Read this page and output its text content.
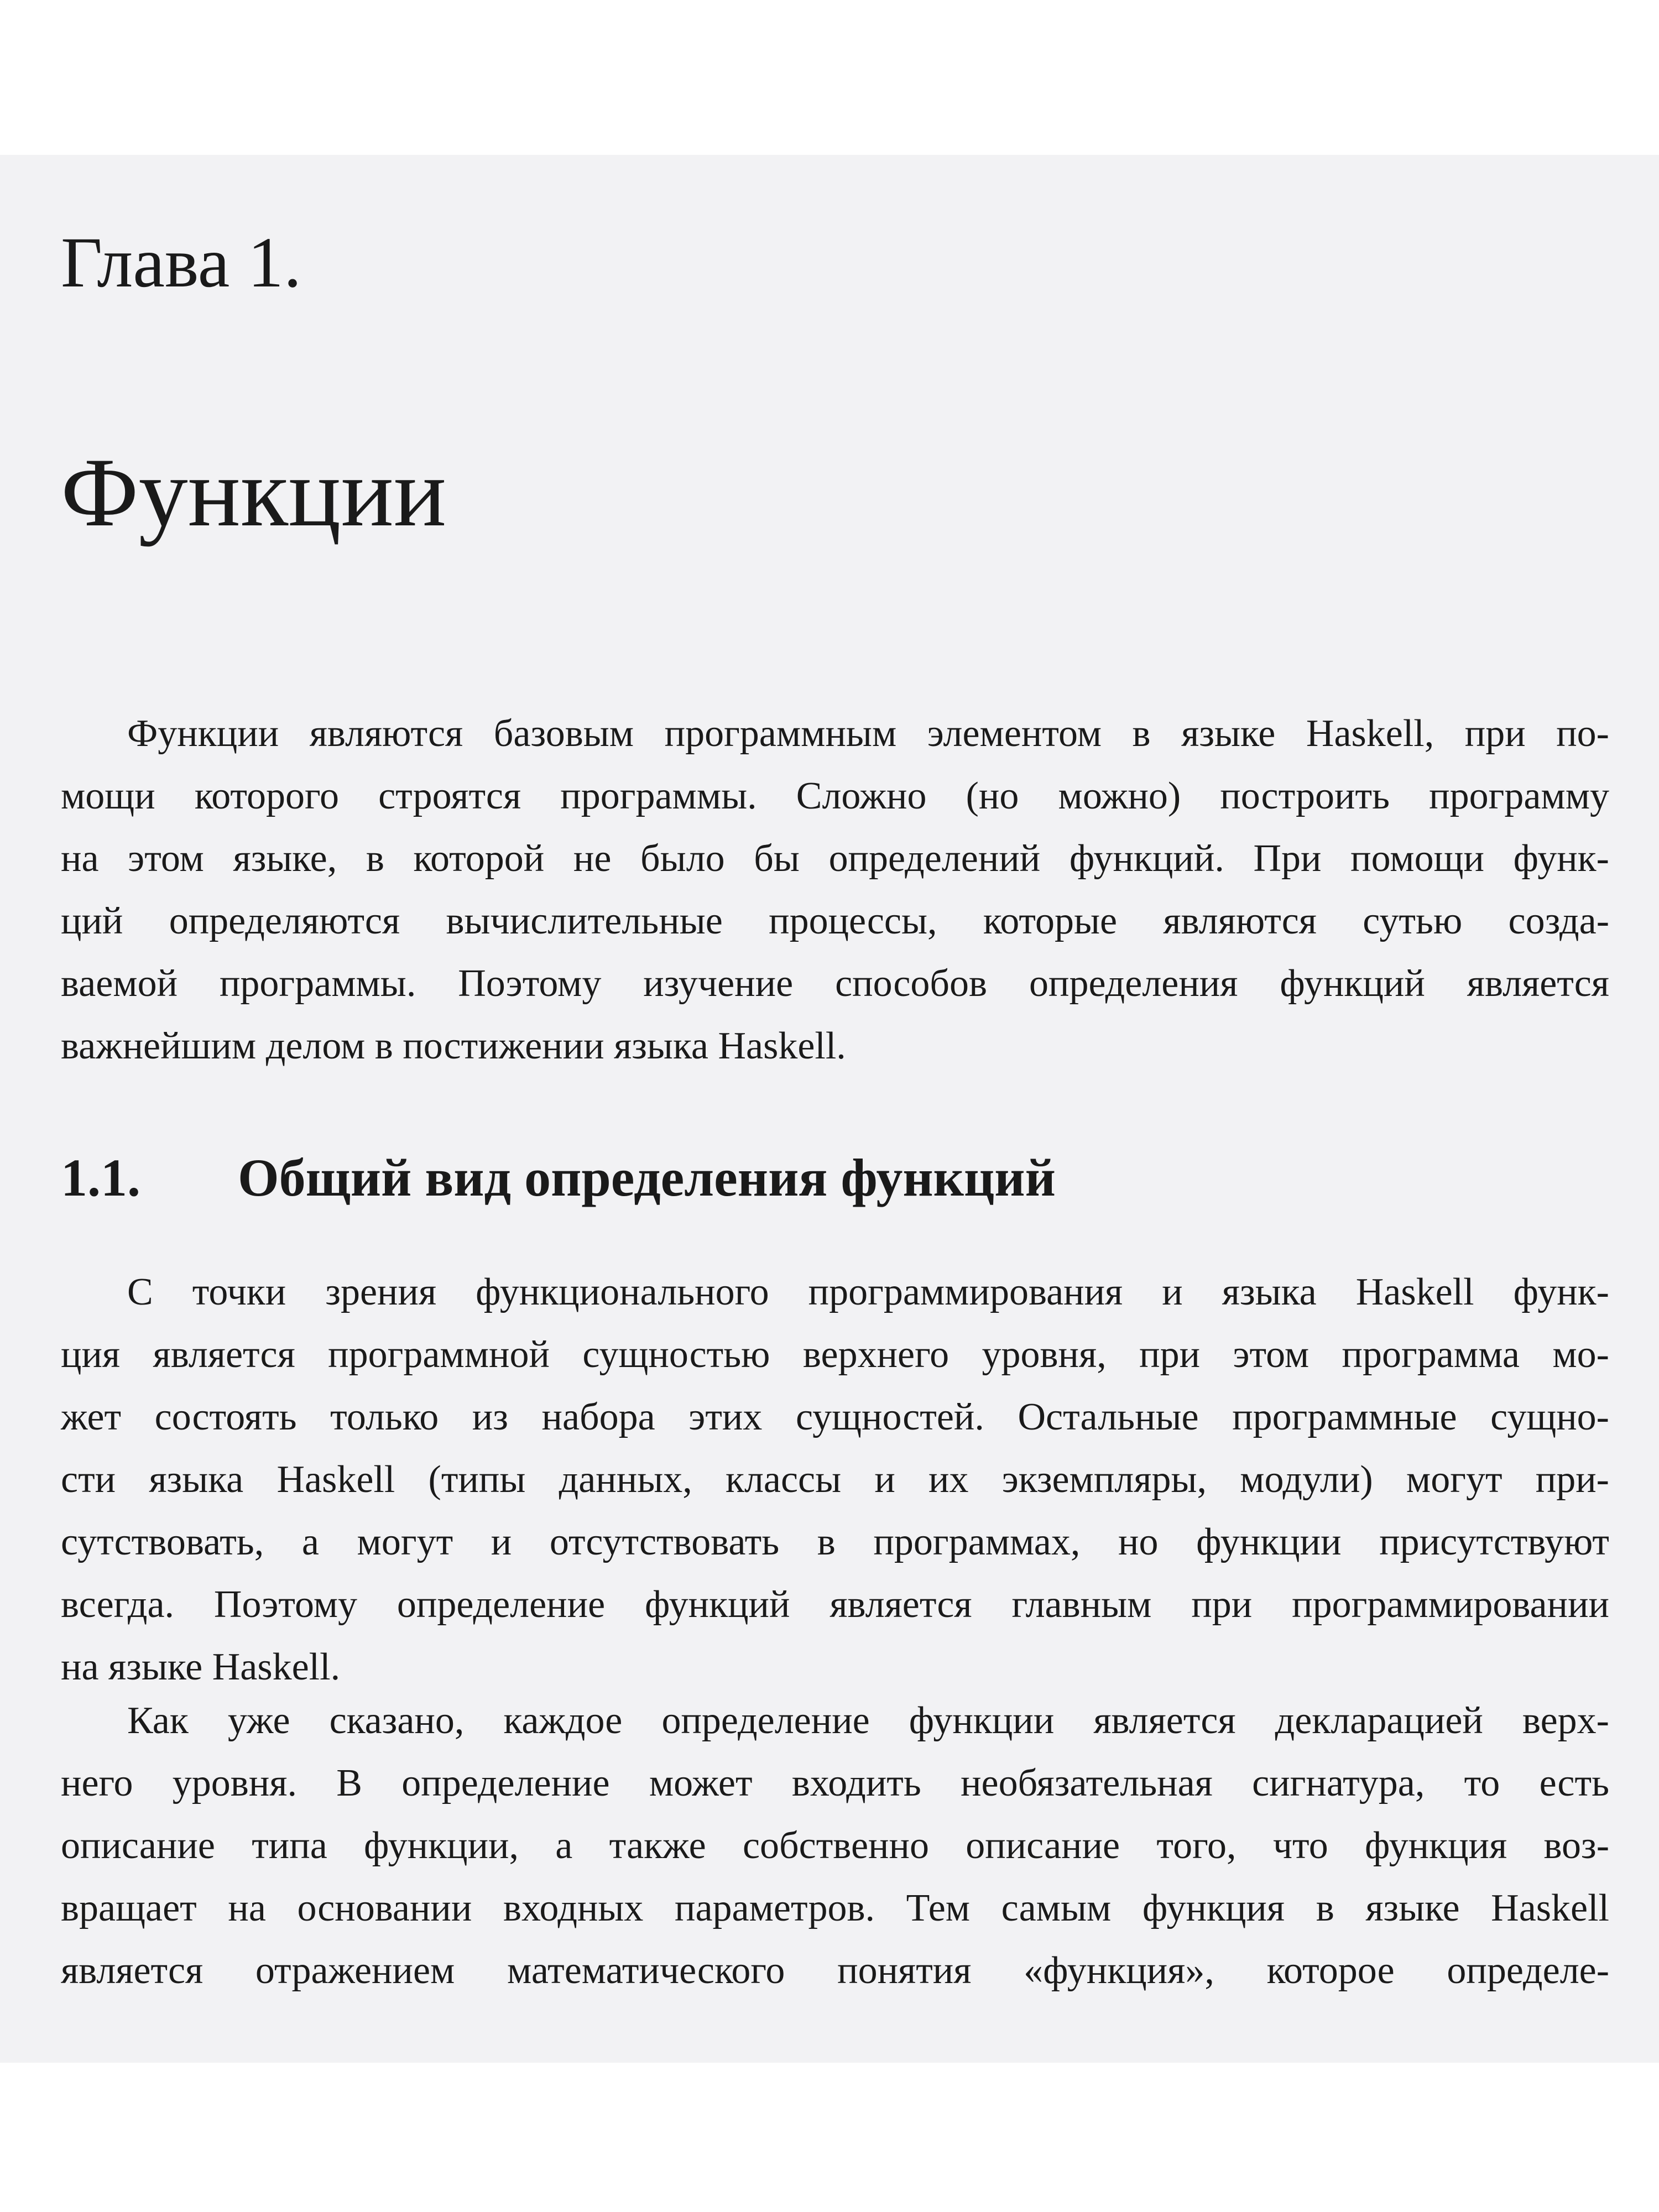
Глава 1.
Функции
Функции являются базовым программным элементом в языке Haskell, при по-
мощи которого строятся программы. Сложно (но можно) построить программу
на этом языке, в которой не было бы определений функций. При помощи функ-
ций определяются вычислительные процессы, которые являются сутью созда-
ваемой программы. Поэтому изучение способов определения функций является
важнейшим делом в постижении языка Haskell.
1.1. Общий вид определения функций
С точки зрения функционального программирования и языка Haskell функ-
ция является программной сущностью верхнего уровня, при этом программа мо-
жет состоять только из набора этих сущностей. Остальные программные сущно-
сти языка Haskell (типы данных, классы и их экземпляры, модули) могут при-
сутствовать, а могут и отсутствовать в программах, но функции присутствуют
всегда. Поэтому определение функций является главным при программировании
на языке Haskell.
Как уже сказано, каждое определение функции является декларацией верх-
него уровня. В определение может входить необязательная сигнатура, то есть
описание типа функции, а также собственно описание того, что функция воз-
вращает на основании входных параметров. Тем самым функция в языке Haskell
является отражением математического понятия «функция», которое определе-
